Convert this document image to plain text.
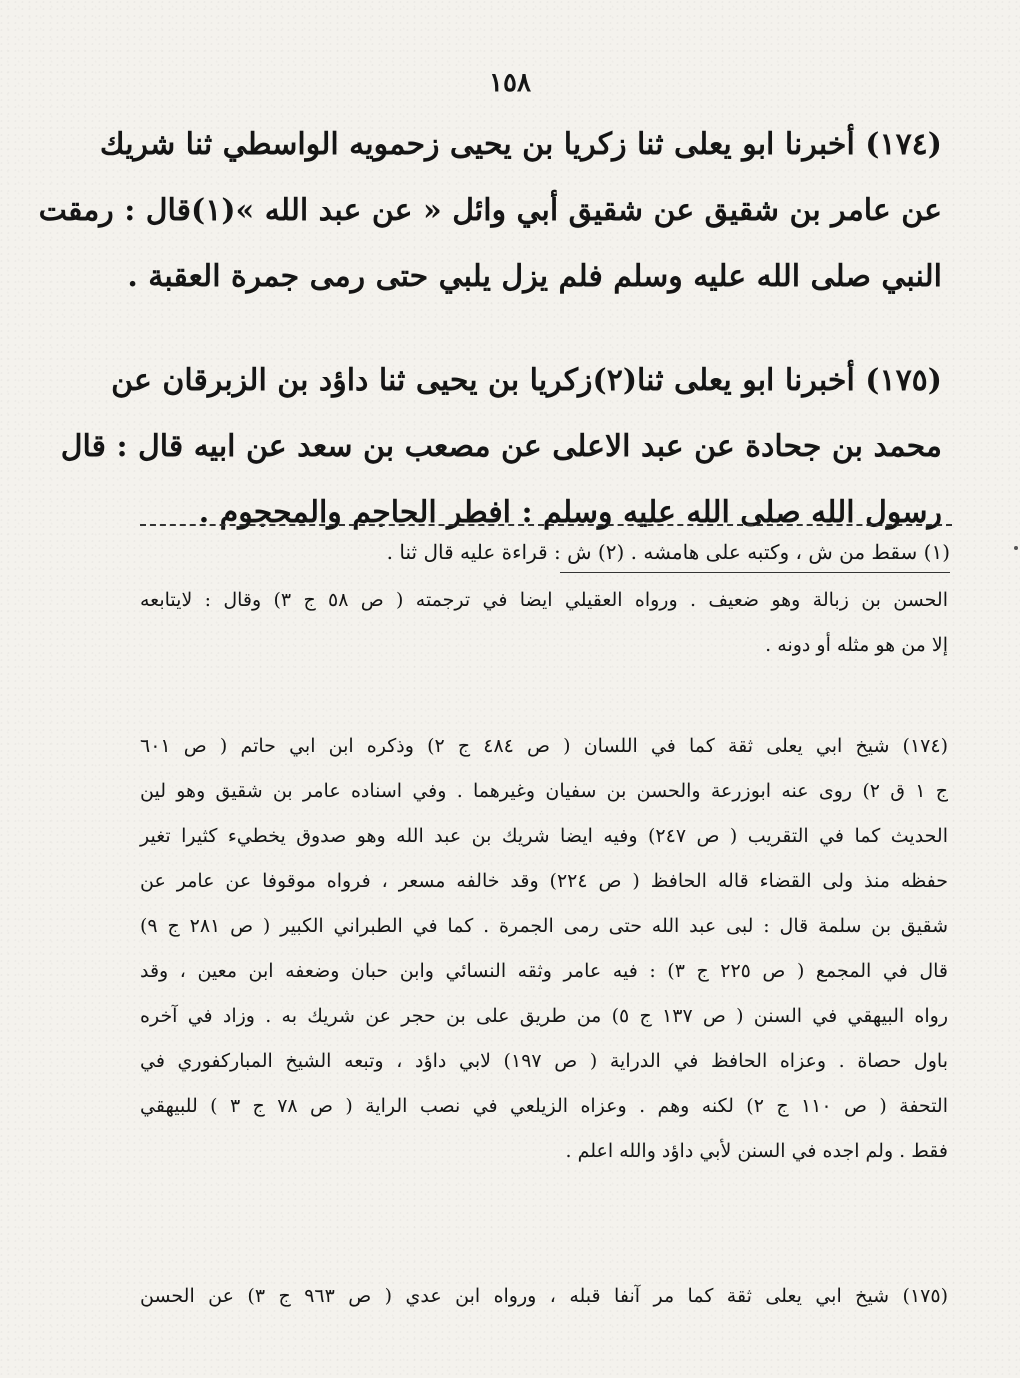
١٥٨
(١٧٤) أخبرنا ابو يعلى ثنا زكريا بن يحيى زحمويه الواسطي ثنا شريك
عن عامر بن شقيق عن شقيق أبي وائل « عن عبد الله »(١)قال : رمقت
النبي صلى الله عليه وسلم فلم يزل يلبي حتى رمى جمرة العقبة .
(١٧٥) أخبرنا ابو يعلى ثنا(٢)زكريا بن يحيى ثنا داؤد بن الزبرقان عن
محمد بن جحادة عن عبد الاعلى عن مصعب بن سعد عن ابيه قال : قال
رسول الله صلى الله عليه وسلم : افطر الحاجم والمحجوم .
(١) سقط من ش ، وكتبه على هامشه . (٢) ش : قراءة عليه قال ثنا .
الحسن بن زبالة وهو ضعيف . ورواه العقيلي ايضا في ترجمته ( ص ٥٨ ج ٣) وقال : لايتابعه
إلا من هو مثله أو دونه .
(١٧٤) شيخ ابي يعلى ثقة كما في اللسان ( ص ٤٨٤ ج ٢) وذكره ابن ابي حاتم ( ص ٦٠١
ج ١ ق ٢) روى عنه ابوزرعة والحسن بن سفيان وغيرهما . وفي اسناده عامر بن شقيق وهو لين
الحديث كما في التقريب ( ص ٢٤٧) وفيه ايضا شريك بن عبد الله وهو صدوق يخطيء كثيرا تغير
حفظه منذ ولى القضاء قاله الحافظ ( ص ٢٢٤) وقد خالفه مسعر ، فرواه موقوفا عن عامر عن
شقيق بن سلمة قال : لبى عبد الله حتى رمى الجمرة . كما في الطبراني الكبير ( ص ٢٨١ ج ٩)
قال في المجمع ( ص ٢٢٥ ج ٣) : فيه عامر وثقه النسائي وابن حبان وضعفه ابن معين ، وقد
رواه البيهقي في السنن ( ص ١٣٧ ج ٥) من طريق على بن حجر عن شريك به . وزاد في آخره
باول حصاة . وعزاه الحافظ في الدراية ( ص ١٩٧) لابي داؤد ، وتبعه الشيخ المباركفوري في
التحفة ( ص ١١٠ ج ٢) لكنه وهم . وعزاه الزيلعي في نصب الراية ( ص ٧٨ ج ٣ ) للبيهقي
فقط . ولم اجده في السنن لأبي داؤد والله اعلم .
(١٧٥) شيخ ابي يعلى ثقة كما مر آنفا قبله ، ورواه ابن عدي ( ص ٩٦٣ ج ٣) عن الحسن
